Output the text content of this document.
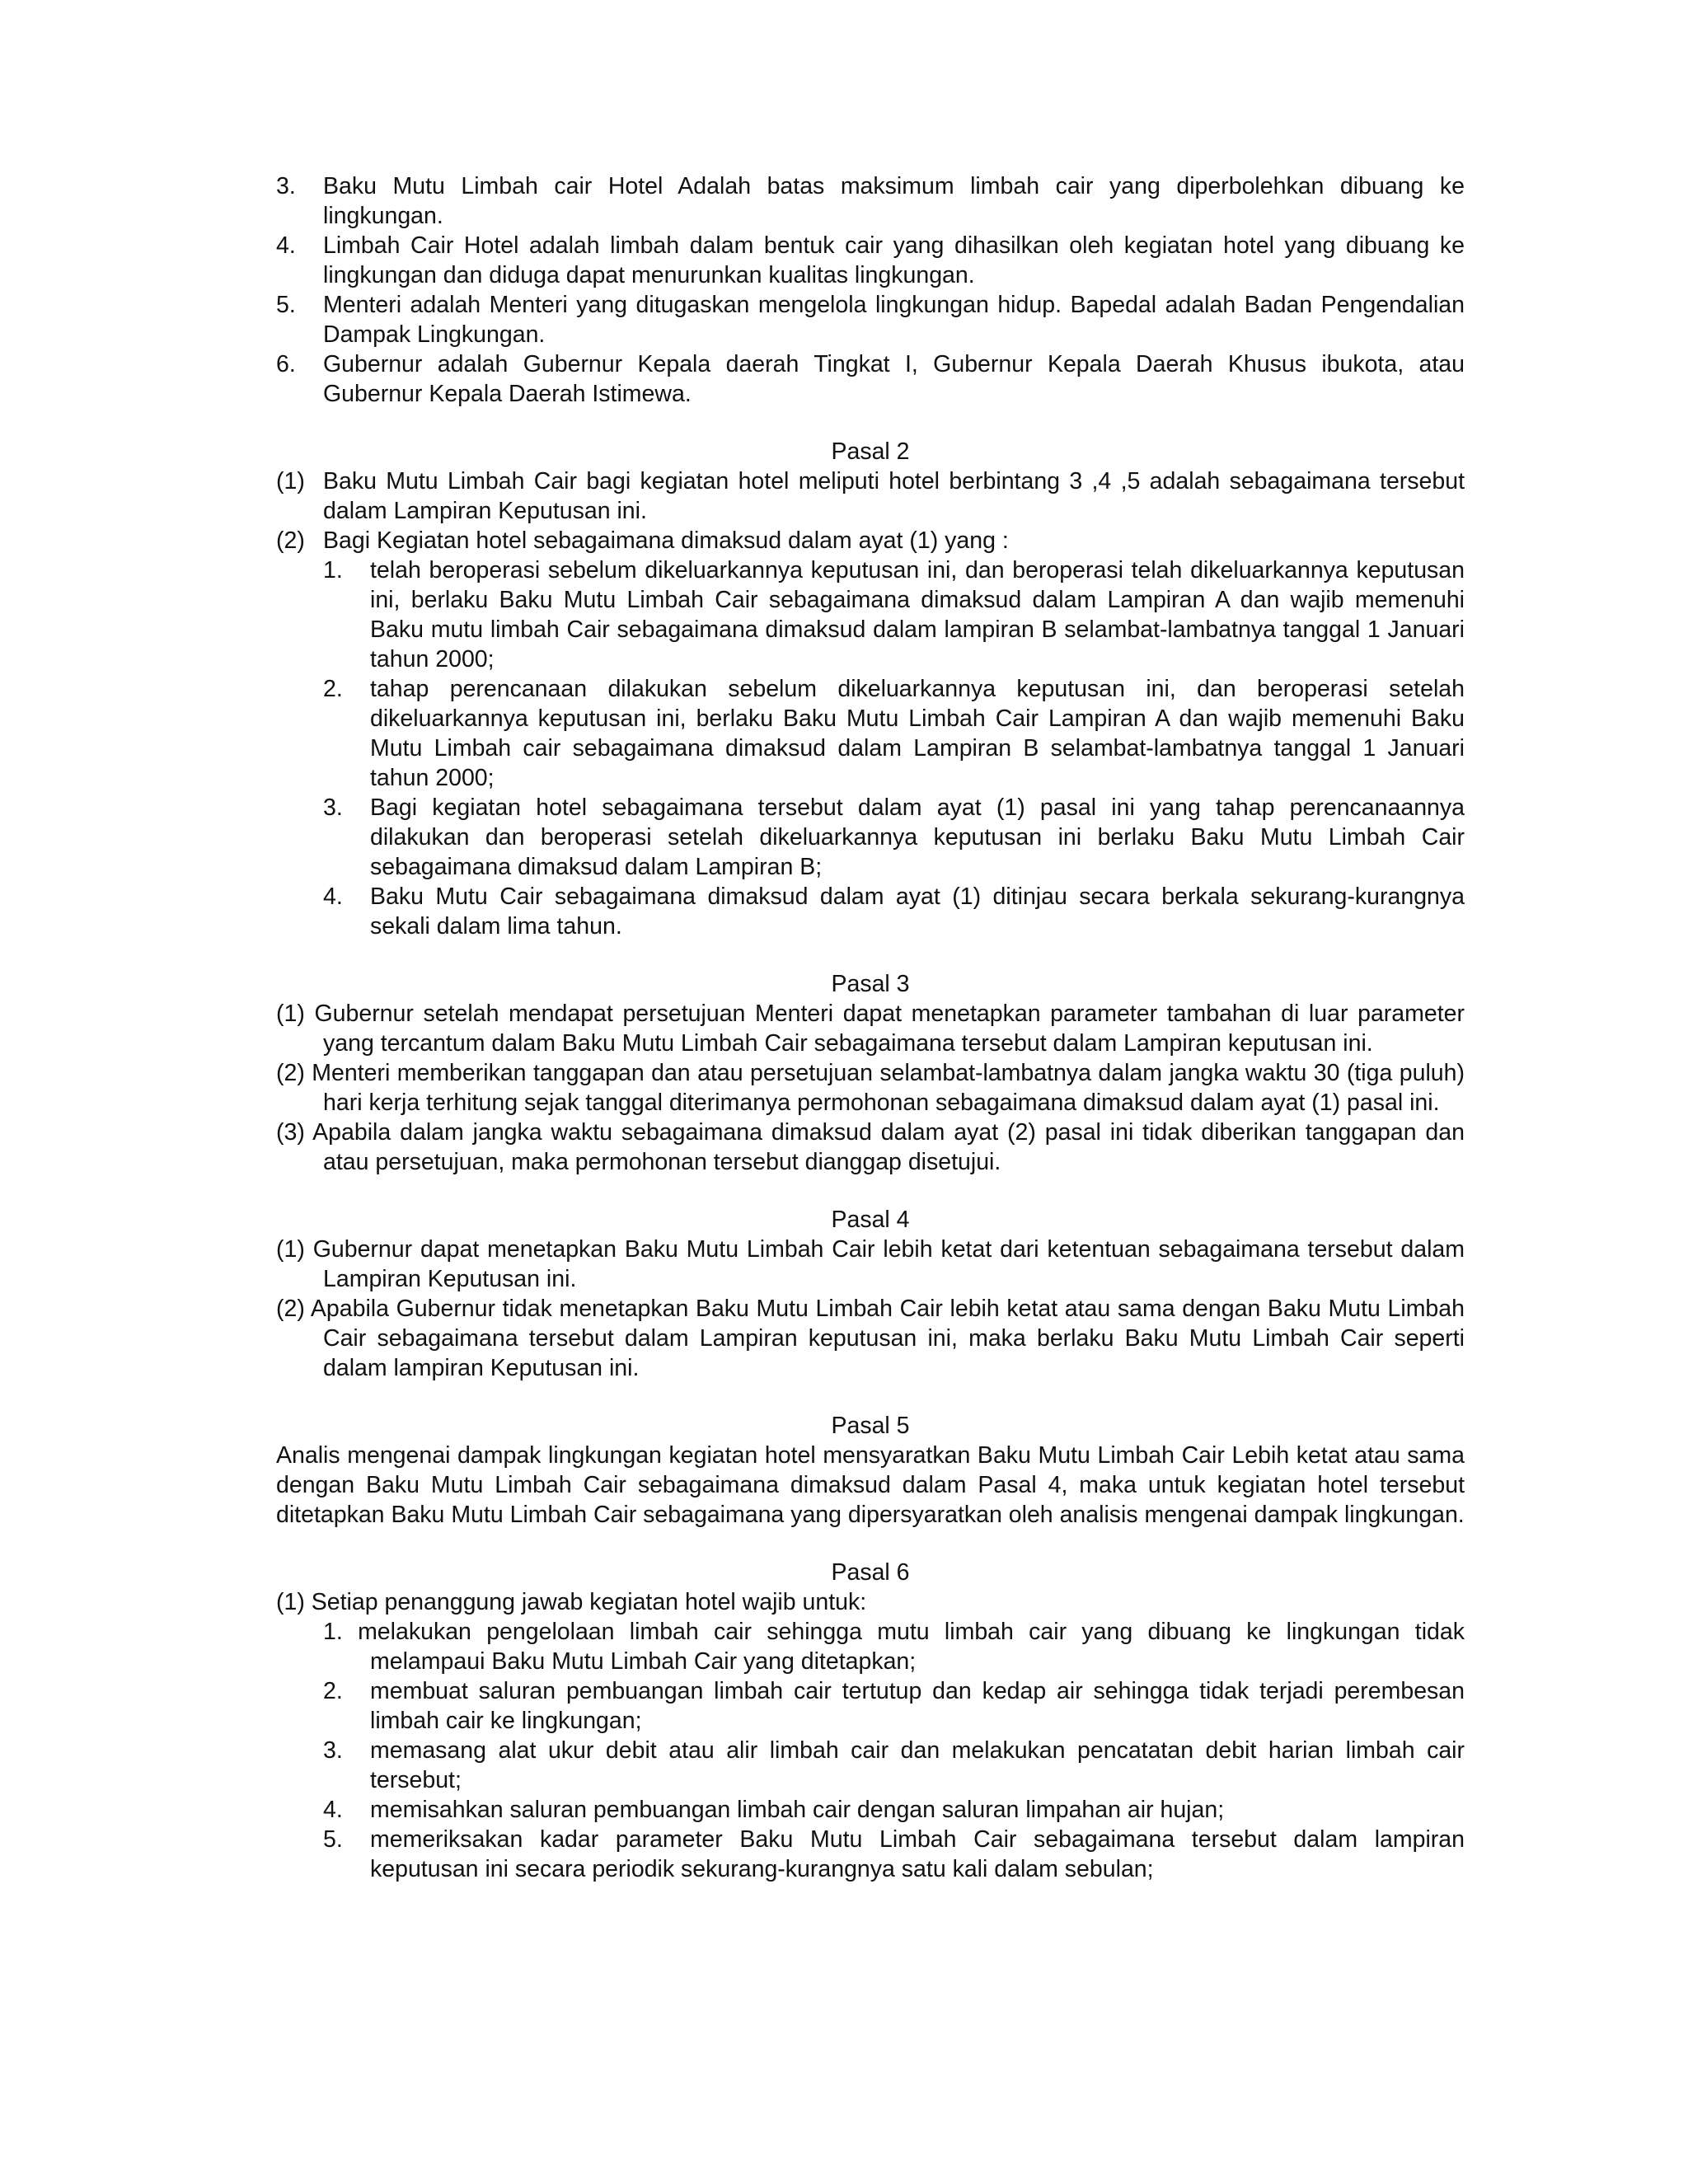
3.	Baku Mutu Limbah cair Hotel Adalah batas maksimum limbah cair yang diperbolehkan dibuang ke lingkungan.
4.	Limbah Cair Hotel adalah limbah dalam bentuk cair yang dihasilkan oleh kegiatan hotel yang dibuang ke lingkungan dan diduga dapat menurunkan kualitas lingkungan.
5.	Menteri adalah Menteri yang ditugaskan mengelola lingkungan hidup. Bapedal adalah Badan Pengendalian Dampak Lingkungan.
6.	Gubernur adalah Gubernur Kepala daerah Tingkat I, Gubernur Kepala Daerah Khusus ibukota, atau Gubernur Kepala Daerah Istimewa.
Pasal 2
(1) Baku Mutu Limbah Cair bagi kegiatan hotel meliputi hotel berbintang 3 ,4 ,5 adalah sebagaimana tersebut dalam Lampiran Keputusan ini.
(2) Bagi Kegiatan hotel sebagaimana dimaksud dalam ayat (1) yang :
1.	telah beroperasi sebelum dikeluarkannya keputusan ini, dan beroperasi telah dikeluarkannya keputusan ini, berlaku Baku Mutu Limbah Cair sebagaimana dimaksud dalam Lampiran A dan wajib memenuhi Baku mutu limbah Cair sebagaimana dimaksud dalam lampiran B selambat-lambatnya tanggal 1 Januari tahun 2000;
2.	tahap perencanaan dilakukan sebelum dikeluarkannya keputusan ini, dan beroperasi setelah dikeluarkannya keputusan ini, berlaku Baku Mutu Limbah Cair Lampiran A dan wajib memenuhi Baku Mutu Limbah cair sebagaimana dimaksud dalam Lampiran B selambat-lambatnya tanggal 1 Januari tahun 2000;
3.	Bagi kegiatan hotel sebagaimana tersebut dalam ayat (1) pasal ini yang tahap perencanaannya dilakukan dan beroperasi setelah dikeluarkannya keputusan ini berlaku Baku Mutu Limbah Cair sebagaimana dimaksud dalam Lampiran B;
4.	Baku Mutu Cair sebagaimana dimaksud dalam ayat (1) ditinjau secara berkala sekurang-kurangnya sekali dalam lima tahun.
Pasal 3
(1) Gubernur setelah mendapat persetujuan Menteri dapat menetapkan parameter tambahan di luar parameter yang tercantum dalam Baku Mutu Limbah Cair sebagaimana tersebut dalam Lampiran keputusan ini.
(2) Menteri memberikan tanggapan dan atau persetujuan selambat-lambatnya dalam jangka waktu 30 (tiga puluh) hari kerja terhitung sejak tanggal diterimanya permohonan sebagaimana dimaksud dalam ayat (1) pasal ini.
(3) Apabila dalam jangka waktu sebagaimana dimaksud dalam ayat (2) pasal ini tidak diberikan tanggapan dan atau persetujuan, maka permohonan tersebut dianggap disetujui.
Pasal 4
(1) Gubernur dapat menetapkan Baku Mutu Limbah Cair lebih ketat dari ketentuan sebagaimana tersebut dalam Lampiran Keputusan ini.
(2) Apabila Gubernur tidak menetapkan Baku Mutu Limbah Cair lebih ketat atau sama dengan Baku Mutu Limbah Cair sebagaimana tersebut dalam Lampiran keputusan ini, maka berlaku Baku Mutu Limbah Cair seperti dalam lampiran Keputusan ini.
Pasal 5
Analis mengenai dampak lingkungan kegiatan hotel mensyaratkan Baku Mutu Limbah Cair Lebih ketat atau sama dengan Baku Mutu Limbah Cair sebagaimana dimaksud dalam Pasal 4, maka untuk kegiatan hotel tersebut ditetapkan Baku Mutu Limbah Cair sebagaimana yang dipersyaratkan oleh analisis mengenai dampak lingkungan.
Pasal 6
(1) Setiap penanggung jawab kegiatan hotel wajib untuk:
1. melakukan pengelolaan limbah cair sehingga mutu limbah cair yang dibuang ke lingkungan tidak melampaui Baku Mutu Limbah Cair yang ditetapkan;
2.	membuat saluran pembuangan limbah cair tertutup dan kedap air sehingga tidak terjadi perembesan limbah cair ke lingkungan;
3.	memasang alat ukur debit atau alir limbah cair dan melakukan pencatatan debit harian limbah cair tersebut;
4.	memisahkan saluran pembuangan limbah cair dengan saluran limpahan air hujan;
5.	memeriksakan kadar parameter Baku Mutu Limbah Cair sebagaimana tersebut dalam lampiran keputusan ini secara periodik sekurang-kurangnya satu kali dalam sebulan;
